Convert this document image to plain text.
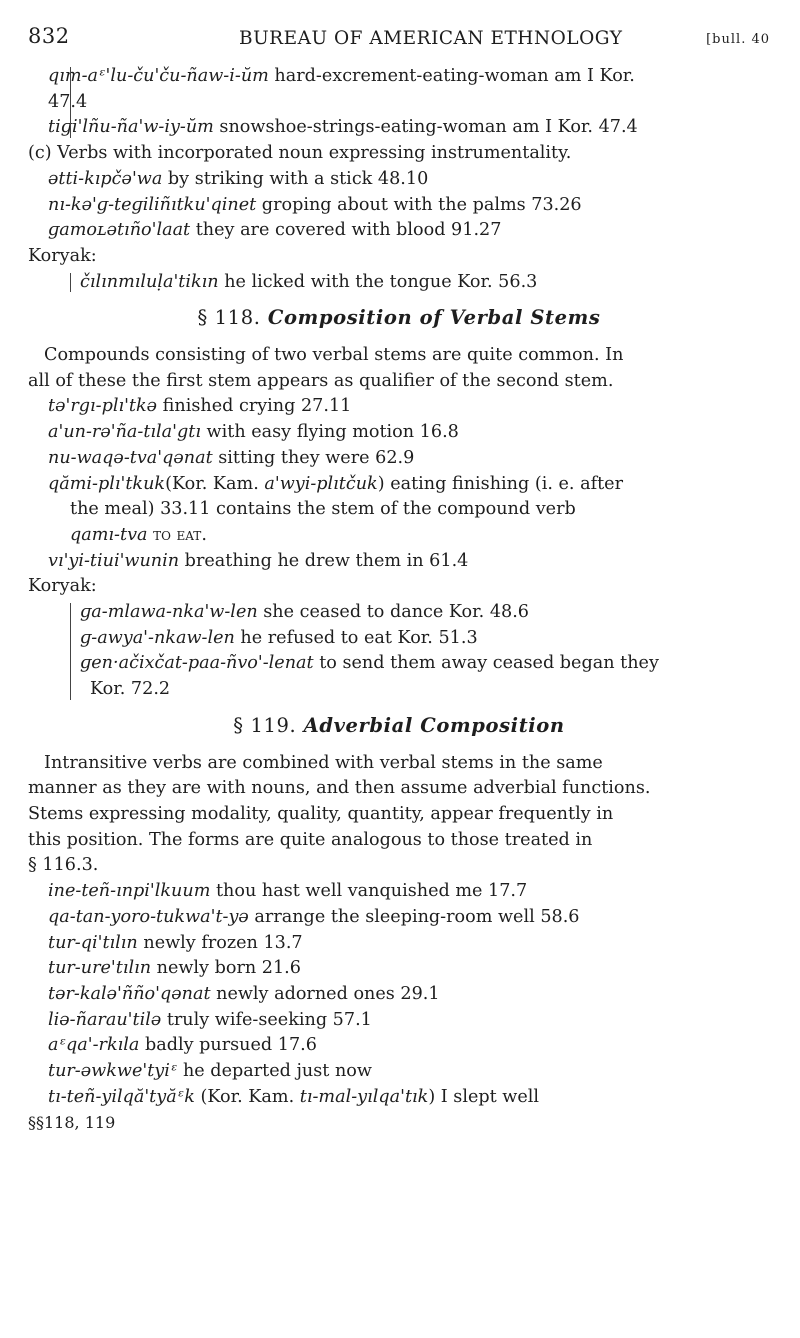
832	BUREAU OF AMERICAN ETHNOLOGY	[bull. 40
qım-aᵋ'lu-ču'ču-ñaw-i-ŭm hard-excrement-eating-woman am I Kor.
47.4
tiɡi'lñu-ña'w-iy-ŭm snowshoe-strings-eating-woman am I Kor. 47.4
(c) Verbs with incorporated noun expressing instrumentality.
ətti-kıpčə'wa by striking with a stick 48.10
nı-kə'ɡ-teɡiliñıtku'qinet groping about with the palms 73.26
ɡamoʟətıño'laat they are covered with blood 91.27
Koryak:
čılınmıluḷa'tikın he licked with the tongue Kor. 56.3
§ 118. Composition of Verbal Stems
Compounds consisting of two verbal stems are quite common. In
all of these the first stem appears as qualifier of the second stem.
tə'rgı-plı'tkə finished crying 27.11
a'un-rə'ña-tıla'gtı with easy flying motion 16.8
nu-waqə-tva'qənat sitting they were 62.9
qămi-plı'tkuk(Kor. Kam. a'wyi-plıtčuk) eating finishing (i. e. after
the meal) 33.11 contains the stem of the compound verb
qamı-tva to eat.
vı'yi-tiui'wunin breathing he drew them in 61.4
Koryak:
ɡa-mlawa-nka'w-len she ceased to dance Kor. 48.6
ɡ-awya'-nkaw-len he refused to eat Kor. 51.3
ɡen·ačixčat-paa-ñvo'-lenat to send them away ceased began they
Kor. 72.2
§ 119. Adverbial Composition
Intransitive verbs are combined with verbal stems in the same
manner as they are with nouns, and then assume adverbial functions.
Stems expressing modality, quality, quantity, appear frequently in
this position. The forms are quite analogous to those treated in
§ 116.3.
ine-teñ-ınpi'lkuum thou hast well vanquished me 17.7
qa-tan-yoro-tukwa't-yə arrange the sleeping-room well 58.6
tur-qi'tılın newly frozen 13.7
tur-ure'tılın newly born 21.6
tər-kalə'ñño'qənat newly adorned ones 29.1
liə-ñarau'tilə truly wife-seeking 57.1
aᵋqa'-rkıla badly pursued 17.6
tur-əwkwe'tyiᵋ he departed just now
tı-teñ-yilqă'tyăᵋk (Kor. Kam. tı-mal-yılqa'tık) I slept well
§§118, 119
